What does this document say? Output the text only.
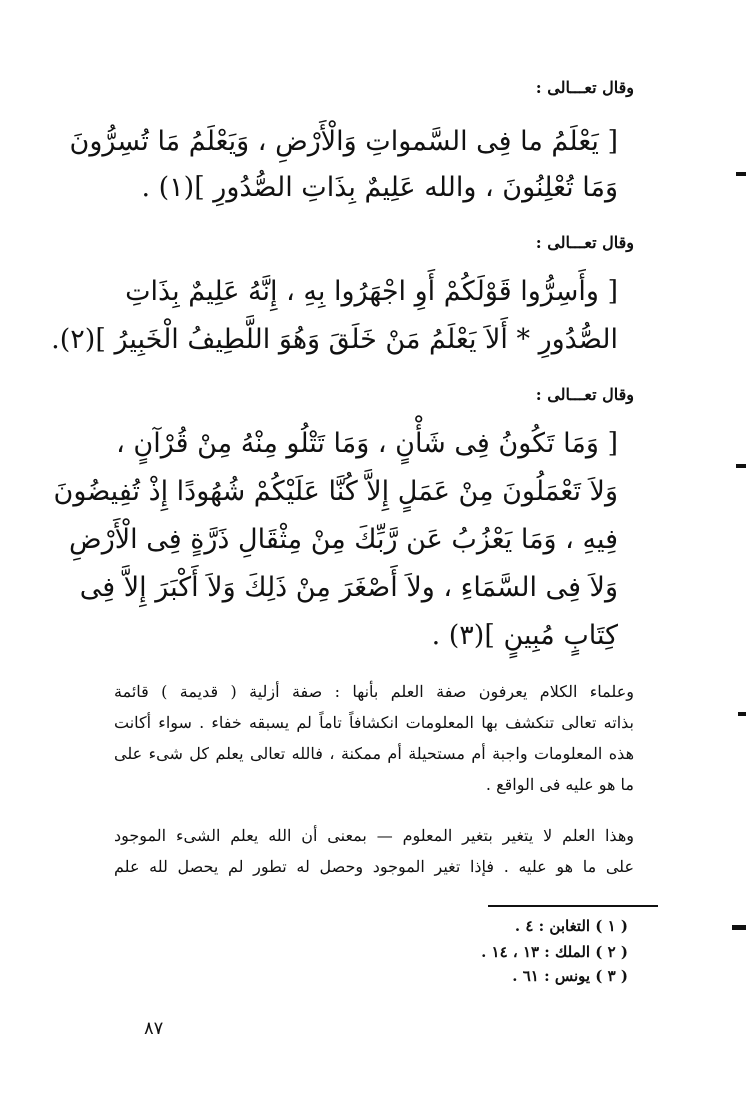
وقال تعـــالى :
[ يَعْلَمُ ما فِى السَّمواتِ وَالْأَرْضِ ، وَيَعْلَمُ مَا تُسِرُّونَ
وَمَا تُعْلِنُونَ ، والله عَلِيمٌ بِذَاتِ الصُّدُورِ ](١) .
وقال تعـــالى :
[ وأَسِرُّوا قَوْلَكُمْ أَوِ اجْهَرُوا بِهِ ، إِنَّهُ عَلِيمٌ بِذَاتِ
الصُّدُورِ * أَلاَ يَعْلَمُ مَنْ خَلَقَ وَهُوَ اللَّطِيفُ الْخَبِيرُ ](٢).
وقال تعـــالى :
[ وَمَا تَكُونُ فِى شَأْنٍ ، وَمَا تَتْلُو مِنْهُ مِنْ قُرْآنٍ ،
وَلاَ تَعْمَلُونَ مِنْ عَمَلٍ إِلاَّ كُنَّا عَلَيْكُمْ شُهُودًا إِذْ تُفِيضُونَ
فِيهِ ، وَمَا يَعْزُبُ عَن رَّبِّكَ مِنْ مِثْقَالِ ذَرَّةٍ فِى الْأَرْضِ
وَلاَ فِى السَّمَاءِ ، ولاَ أَصْغَرَ مِنْ ذَلِكَ وَلاَ أَكْبَرَ إِلاَّ فِى
كِتَابٍ مُبِينٍ ](٣) .
وعلماء الكلام يعرفون صفة العلم بأنها : صفة أزلية ( قديمة ) قائمة
بذاته تعالى تنكشف بها المعلومات انكشافاً تاماً لم يسبقه خفاء . سواء أكانت
هذه المعلومات واجبة أم مستحيلة أم ممكنة ، فالله تعالى يعلم كل شىء على
ما هو عليه فى الواقع .
وهذا العلم لا يتغير بتغير المعلوم — بمعنى أن الله يعلم الشىء الموجود
على ما هو عليه . فإذا تغير الموجود وحصل له تطور لم يحصل لله علم
( ١ ) التغابن : ٤ .
( ٢ ) الملك : ١٣ ، ١٤ .
( ٣ ) يونس : ٦١ .
٨٧
